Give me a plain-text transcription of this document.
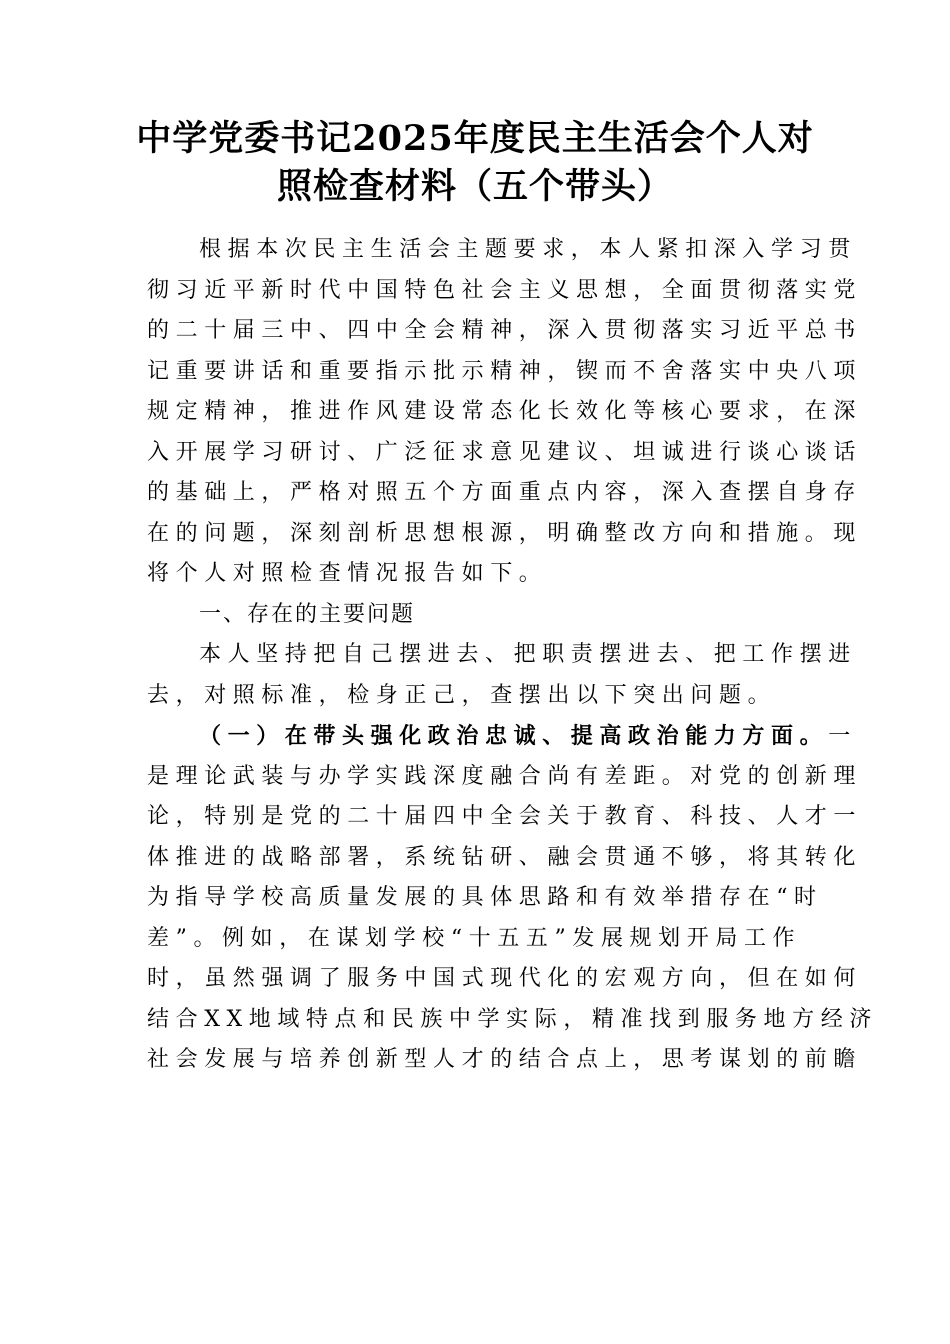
中学党委书记2025年度民主生活会个人对
照检查材料（五个带头）
根据本次民主生活会主题要求，本人紧扣深入学习贯
彻习近平新时代中国特色社会主义思想，全面贯彻落实党
的二十届三中、四中全会精神，深入贯彻落实习近平总书
记重要讲话和重要指示批示精神，锲而不舍落实中央八项
规定精神，推进作风建设常态化长效化等核心要求，在深
入开展学习研讨、广泛征求意见建议、坦诚进行谈心谈话
的基础上，严格对照五个方面重点内容，深入查摆自身存
在的问题，深刻剖析思想根源，明确整改方向和措施。现
将个人对照检查情况报告如下。
一、存在的主要问题
本人坚持把自己摆进去、把职责摆进去、把工作摆进
去，对照标准，检身正己，查摆出以下突出问题。
（一）在带头强化政治忠诚、提高政治能力方面。一
是理论武装与办学实践深度融合尚有差距。对党的创新理
论，特别是党的二十届四中全会关于教育、科技、人才一
体推进的战略部署，系统钻研、融会贯通不够，将其转化
为指导学校高质量发展的具体思路和有效举措存在“时
差”。例如，在谋划学校“十五五”发展规划开局工作
时，虽然强调了服务中国式现代化的宏观方向，但在如何
结合XX地域特点和民族中学实际，精准找到服务地方经济
社会发展与培养创新型人才的结合点上，思考谋划的前瞻
